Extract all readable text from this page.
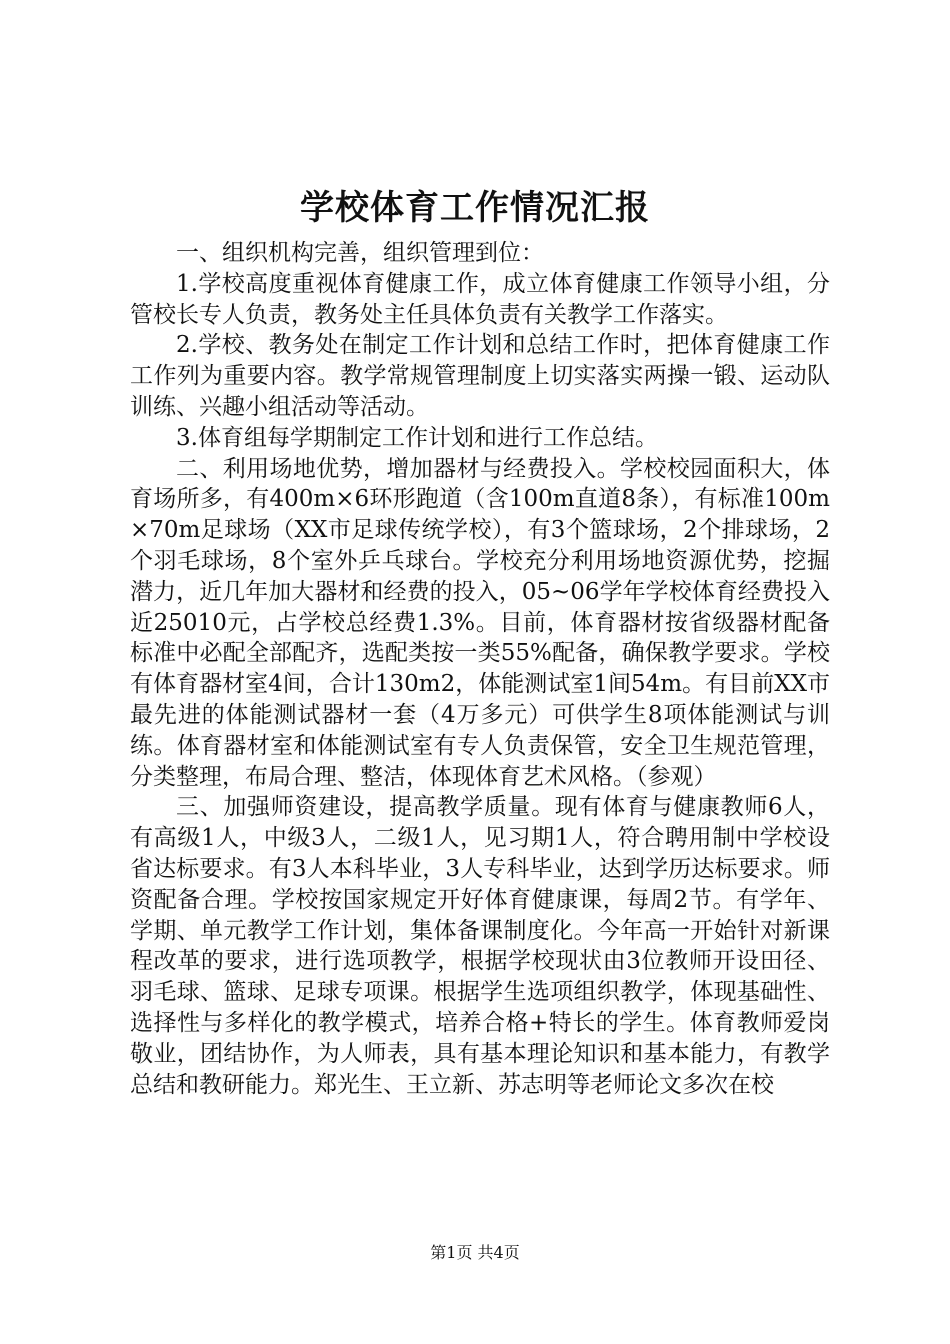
学校体育工作情况汇报

一、组织机构完善，组织管理到位：

1.学校高度重视体育健康工作，成立体育健康工作领导小组，分管校长专人负责，教务处主任具体负责有关教学工作落实。

2.学校、教务处在制定工作计划和总结工作时，把体育健康工作工作列为重要内容。教学常规管理制度上切实落实两操一锻、运动队训练、兴趣小组活动等活动。

3.体育组每学期制定工作计划和进行工作总结。

二、利用场地优势，增加器材与经费投入。学校校园面积大，体育场所多，有400m×6环形跑道（含100m直道8条），有标准100m×70m足球场（XX市足球传统学校），有3个篮球场，2个排球场，2个羽毛球场，8个室外乒乓球台。学校充分利用场地资源优势，挖掘潜力，近几年加大器材和经费的投入，05~06学年学校体育经费投入近25010元，占学校总经费1.3%。目前，体育器材按省级器材配备标准中必配全部配齐，选配类按一类55%配备，确保教学要求。学校有体育器材室4间，合计130m2，体能测试室1间54m。有目前XX市最先进的体能测试器材一套（4万多元）可供学生8项体能测试与训练。体育器材室和体能测试室有专人负责保管，安全卫生规范管理，分类整理，布局合理、整洁，体现体育艺术风格。（参观）

三、加强师资建设，提高教学质量。现有体育与健康教师6人，有高级1人，中级3人，二级1人，见习期1人，符合聘用制中学校设省达标要求。有3人本科毕业，3人专科毕业，达到学历达标要求。师资配备合理。学校按国家规定开好体育健康课，每周2节。有学年、学期、单元教学工作计划，集体备课制度化。今年高一开始针对新课程改革的要求，进行选项教学，根据学校现状由3位教师开设田径、羽毛球、篮球、足球专项课。根据学生选项组织教学，体现基础性、选择性与多样化的教学模式，培养合格+特长的学生。体育教师爱岗敬业，团结协作，为人师表，具有基本理论知识和基本能力，有教学总结和教研能力。郑光生、王立新、苏志明等老师论文多次在校

第1页 共4页
